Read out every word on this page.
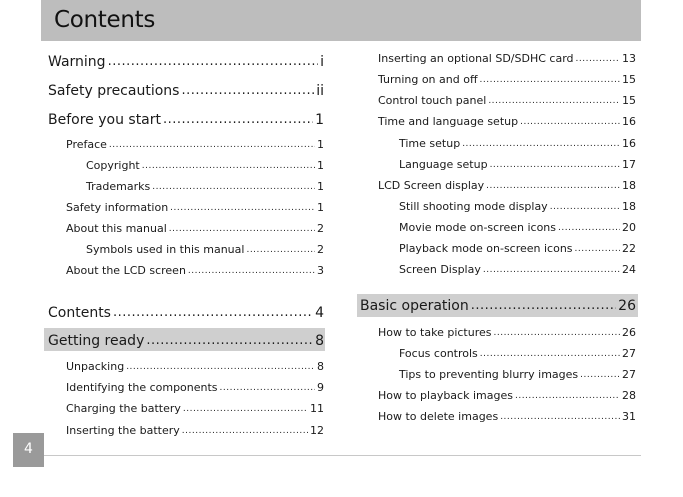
Contents
Warning .....	i
Safety precautions .....	ii
Before you start .....	1
Preface .....	1
Copyright .....	1
Trademarks .....	1
Safety information .....	1
About this manual .....	2
Symbols used in this manual .....	2
About the LCD screen .....	3
Contents .....	4
Getting ready .....	8
Unpacking .....	8
Identifying the components .....	9
Charging the battery .....	11
Inserting the battery .....	12
Inserting an optional SD/SDHC card .....	13
Turning on and off .....	15
Control touch panel .....	15
Time and language setup .....	16
Time setup .....	16
Language setup .....	17
LCD Screen display .....	18
Still shooting mode display .....	18
Movie mode on-screen icons .....	20
Playback mode on-screen icons .....	22
Screen Display .....	24
Basic operation .....	26
How to take pictures .....	26
Focus controls .....	27
Tips to preventing blurry images .....	27
How to playback images .....	28
How to delete images .....	31
4
